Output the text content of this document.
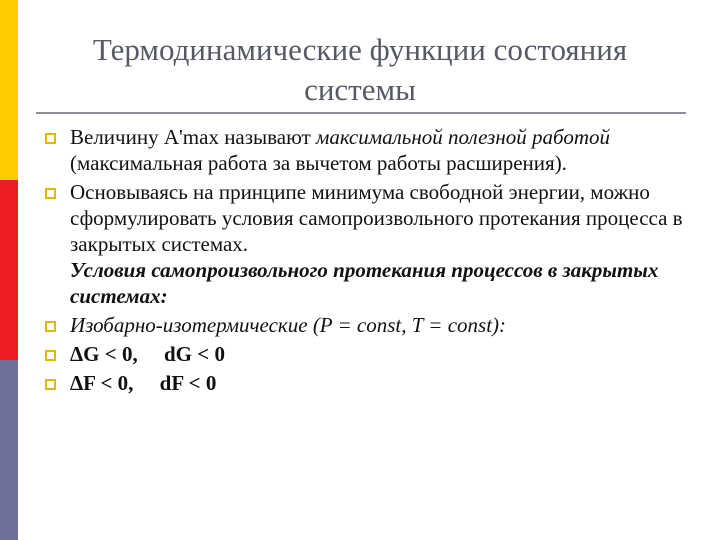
Термодинамические функции состояния
системы
Величину A'max называют максимальной полезной работой (максимальная работа за вычетом работы расширения).
Основываясь на принципе минимума свободной энергии, можно сформулировать условия самопроизвольного протекания процесса в закрытых системах.
Условия самопроизвольного протекания процессов в закрытых системах:
Изобарно-изотермические (P = const, T = const):
ΔG < 0,     dG < 0
ΔF < 0,     dF < 0
